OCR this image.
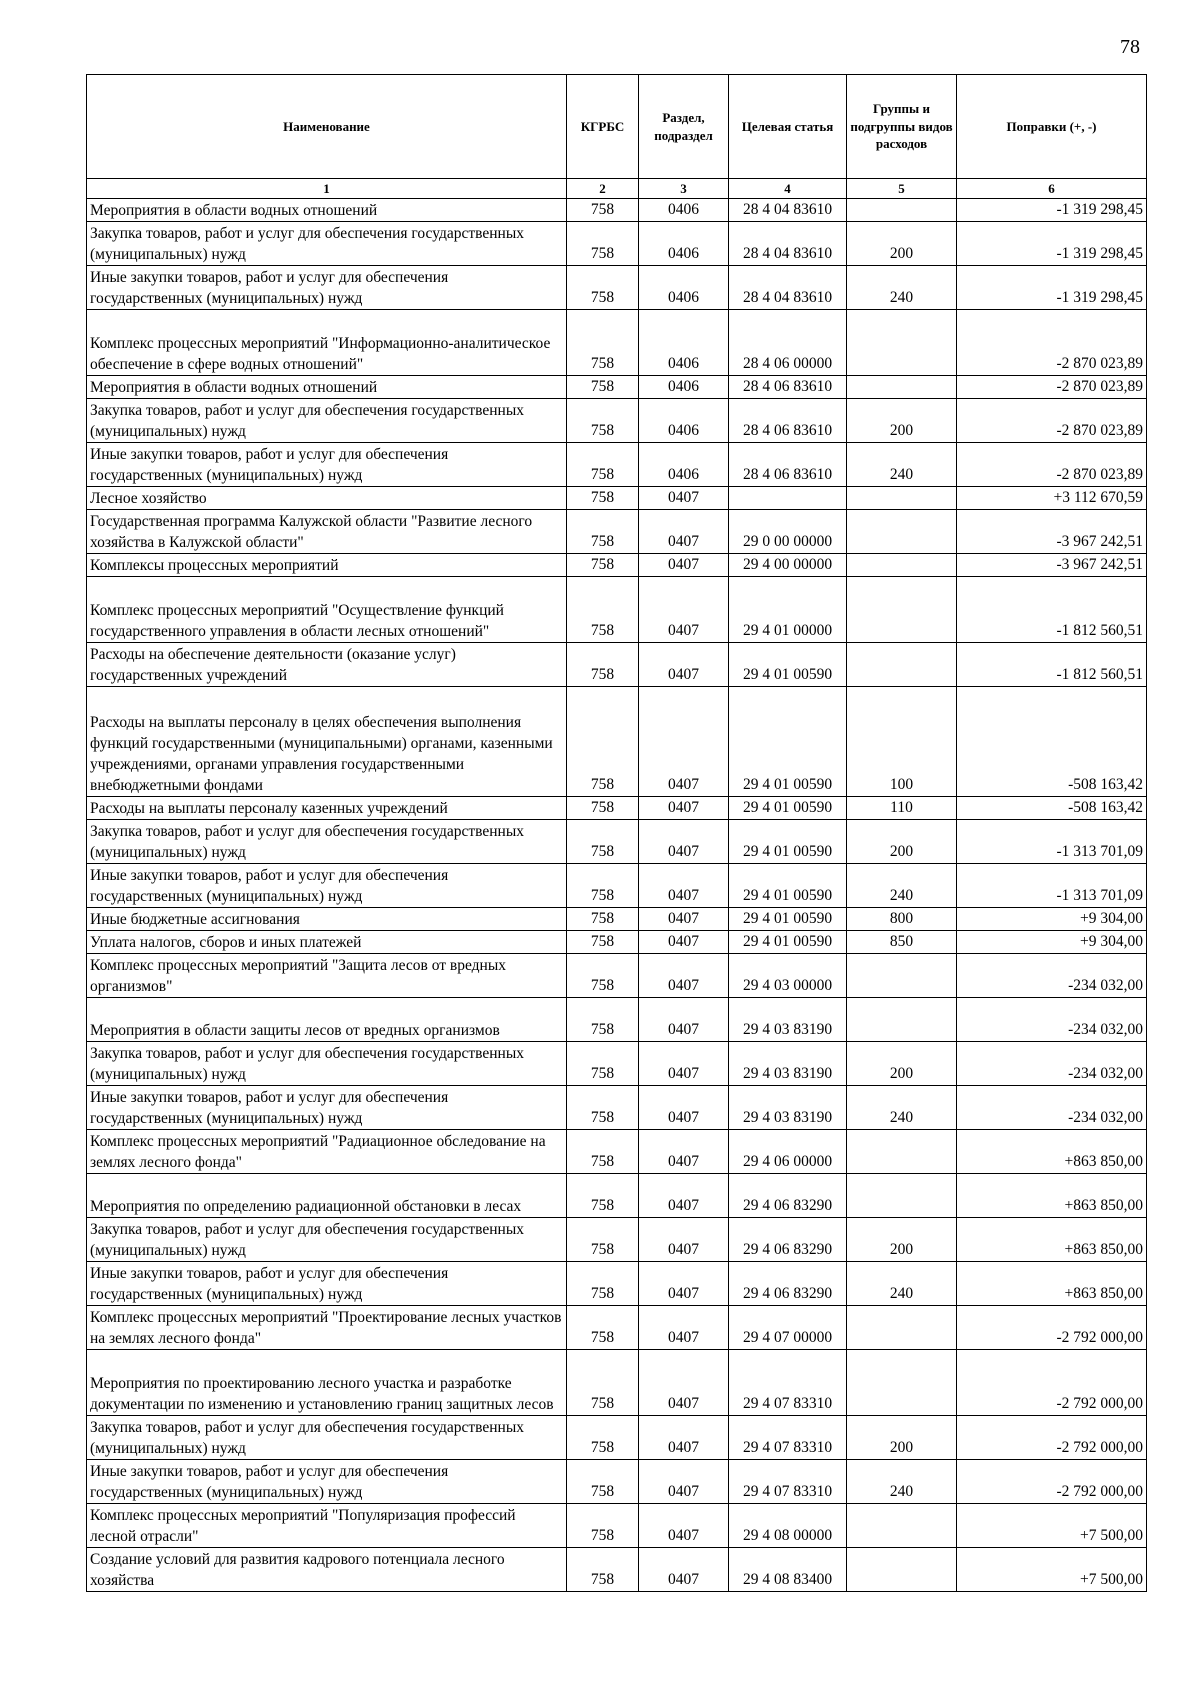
78
Наименование	КГРБС	Раздел, подраздел	Целевая статья	Группы и подгруппы видов расходов	Поправки (+, -)
1	2	3	4	5	6
Мероприятия в области водных отношений	758	0406	28 4 04 83610		-1 319 298,45
Закупка товаров, работ и услуг для обеспечения государственных (муниципальных) нужд	758	0406	28 4 04 83610	200	-1 319 298,45
Иные закупки товаров, работ и услуг для обеспечения государственных (муниципальных) нужд	758	0406	28 4 04 83610	240	-1 319 298,45
Комплекс процессных мероприятий "Информационно-аналитическое обеспечение в сфере водных отношений"	758	0406	28 4 06 00000		-2 870 023,89
Мероприятия в области водных отношений	758	0406	28 4 06 83610		-2 870 023,89
Закупка товаров, работ и услуг для обеспечения государственных (муниципальных) нужд	758	0406	28 4 06 83610	200	-2 870 023,89
Иные закупки товаров, работ и услуг для обеспечения государственных (муниципальных) нужд	758	0406	28 4 06 83610	240	-2 870 023,89
Лесное хозяйство	758	0407			+3 112 670,59
Государственная программа Калужской области "Развитие лесного хозяйства в Калужской области"	758	0407	29 0 00 00000		-3 967 242,51
Комплексы процессных мероприятий	758	0407	29 4 00 00000		-3 967 242,51
Комплекс процессных мероприятий "Осуществление функций государственного управления в области лесных отношений"	758	0407	29 4 01 00000		-1 812 560,51
Расходы на обеспечение деятельности (оказание услуг) государственных учреждений	758	0407	29 4 01 00590		-1 812 560,51
Расходы на выплаты персоналу в целях обеспечения выполнения функций государственными (муниципальными) органами, казенными учреждениями, органами управления государственными внебюджетными фондами	758	0407	29 4 01 00590	100	-508 163,42
Расходы на выплаты персоналу казенных учреждений	758	0407	29 4 01 00590	110	-508 163,42
Закупка товаров, работ и услуг для обеспечения государственных (муниципальных) нужд	758	0407	29 4 01 00590	200	-1 313 701,09
Иные закупки товаров, работ и услуг для обеспечения государственных (муниципальных) нужд	758	0407	29 4 01 00590	240	-1 313 701,09
Иные бюджетные ассигнования	758	0407	29 4 01 00590	800	+9 304,00
Уплата налогов, сборов и иных платежей	758	0407	29 4 01 00590	850	+9 304,00
Комплекс процессных мероприятий "Защита лесов от вредных организмов"	758	0407	29 4 03 00000		-234 032,00
Мероприятия в области защиты лесов от вредных организмов	758	0407	29 4 03 83190		-234 032,00
Закупка товаров, работ и услуг для обеспечения государственных (муниципальных) нужд	758	0407	29 4 03 83190	200	-234 032,00
Иные закупки товаров, работ и услуг для обеспечения государственных (муниципальных) нужд	758	0407	29 4 03 83190	240	-234 032,00
Комплекс процессных мероприятий "Радиационное обследование на землях лесного фонда"	758	0407	29 4 06 00000		+863 850,00
Мероприятия по определению радиационной обстановки в лесах	758	0407	29 4 06 83290		+863 850,00
Закупка товаров, работ и услуг для обеспечения государственных (муниципальных) нужд	758	0407	29 4 06 83290	200	+863 850,00
Иные закупки товаров, работ и услуг для обеспечения государственных (муниципальных) нужд	758	0407	29 4 06 83290	240	+863 850,00
Комплекс процессных мероприятий "Проектирование лесных участков на землях лесного фонда"	758	0407	29 4 07 00000		-2 792 000,00
Мероприятия по проектированию лесного участка и разработке документации по изменению и установлению границ защитных лесов	758	0407	29 4 07 83310		-2 792 000,00
Закупка товаров, работ и услуг для обеспечения государственных (муниципальных) нужд	758	0407	29 4 07 83310	200	-2 792 000,00
Иные закупки товаров, работ и услуг для обеспечения государственных (муниципальных) нужд	758	0407	29 4 07 83310	240	-2 792 000,00
Комплекс процессных мероприятий "Популяризация профессий лесной отрасли"	758	0407	29 4 08 00000		+7 500,00
Создание условий для развития кадрового потенциала лесного хозяйства	758	0407	29 4 08 83400		+7 500,00
